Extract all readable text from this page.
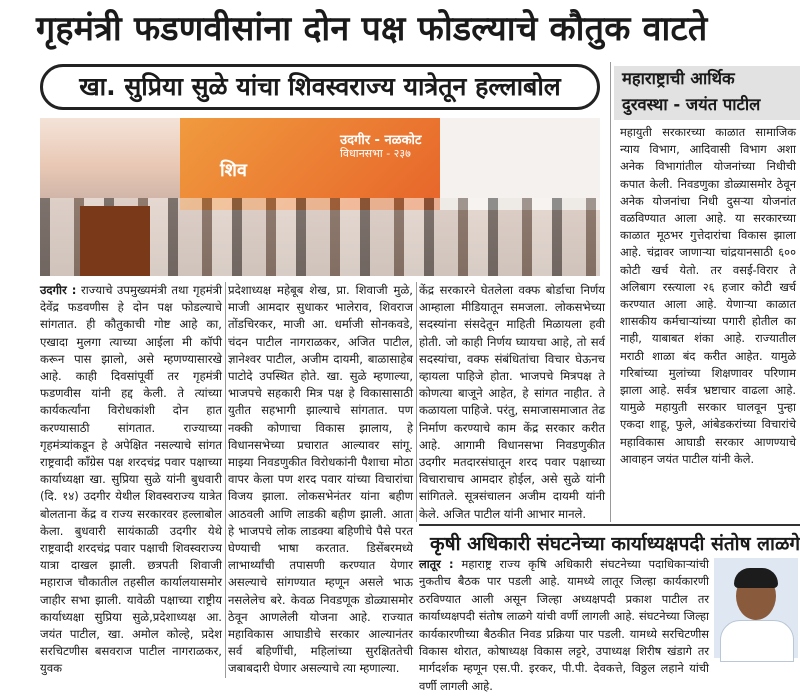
गृहमंत्री फडणवीसांना दोन पक्ष फोडल्याचे कौतुक वाटते
खा. सुप्रिया सुळे यांचा शिवस्वराज्य यात्रेतून हल्लाबोल
शिव
उदगीर - नळकोट
विधानसभा - २३७
उदगीर : राज्याचे उपमुख्यमंत्री तथा गृहमंत्री देवेंद्र फडवणीस हे दोन पक्ष फोडल्याचे सांगतात. ही कौतुकाची गोष्ट आहे का, एखादा मुलगा त्याच्या आईला मी कॉपी करून पास झालो, असे म्हणण्यासारखे आहे. काही दिवसांपूर्वी तर गृहमंत्री फडणवीस यांनी हद्द केली. ते त्यांच्या कार्यकर्त्यांना विरोधकांशी दोन हात करण्यासाठी सांगतात. राज्याच्या गृहमंत्र्यांकडून हे अपेक्षित नसल्याचे सांगत राष्ट्रवादी काँग्रेस पक्ष शरदचंद्र पवार पक्षाच्या कार्याध्यक्षा खा. सुप्रिया सुळे यांनी बुधवारी (दि. १४) उदगीर येथील शिवस्वराज्य यात्रेत बोलताना केंद्र व राज्य सरकारवर हल्लाबोल केला. बुधवारी सायंकाळी उदगीर येथे राष्ट्रवादी शरदचंद्र पवार पक्षाची शिवस्वराज्य यात्रा दाखल झाली. छत्रपती शिवाजी महाराज चौकातील तहसील कार्यालयासमोर जाहीर सभा झाली. यावेळी पक्षाच्या राष्ट्रीय कार्याध्यक्षा सुप्रिया सुळे,प्रदेशाध्यक्ष आ. जयंत पाटील, खा. अमोल कोल्हे, प्रदेश सरचिटणीस बसवराज पाटील नागराळकर, युवक
प्रदेशाध्यक्ष महेबूब शेख, प्रा. शिवाजी मुळे, माजी आमदार सुधाकर भालेराव, शिवराज तोंडचिरकर, माजी आ. धर्माजी सोनकवडे, चंदन पाटील नागराळकर, अजित पाटील, ज्ञानेश्वर पाटील, अजीम दायमी, बाळासाहेब पाटोदे उपस्थित होते. खा. सुळे म्हणाल्या, भाजपचे सहकारी मित्र पक्ष हे विकासासाठी युतीत सहभागी झाल्याचे सांगतात. पण नक्की कोणाचा विकास झालाय, हे विधानसभेच्या प्रचारात आल्यावर सांगू. माझ्या निवडणुकीत विरोधकांनी पैशाचा मोठा वापर केला पण शरद पवार यांच्या विचारांचा विजय झाला. लोकसभेनंतर यांना बहीण आठवली आणि लाडकी बहीण झाली. आता हे भाजपचे लोक लाडक्या बहिणीचे पैसे परत घेण्याची भाषा करतात. डिसेंबरमध्ये लाभार्थ्यांची तपासणी करण्यात येणार असल्याचे सांगण्यात म्हणून असले भाऊ नसलेलेच बरे. केवळ निवडणूक डोळ्यासमोर ठेवून आणलेली योजना आहे. राज्यात महाविकास आघाडीचे सरकार आल्यानंतर सर्व बहिणींची, महिलांच्या सुरक्षिततेची जबाबदारी घेणार असल्याचे त्या म्हणाल्या.
केंद्र सरकारने घेतलेला वक्फ बोर्डाचा निर्णय आम्हाला मीडियातून समजला. लोकसभेच्या सदस्यांना संसदेतून माहिती मिळायला हवी होती. जो काही निर्णय घ्यायचा आहे, तो सर्व सदस्यांचा, वक्फ संबंधितांचा विचार घेऊनच व्हायला पाहिजे होता. भाजपचे मित्रपक्ष ते कोणत्या बाजूने आहेत, हे सांगत नाहीत. ते कळायला पाहिजे. परंतु, समाजासमाजात तेढ निर्माण करण्याचे काम केंद्र सरकार करीत आहे. आगामी विधानसभा निवडणुकीत उदगीर मतदारसंघातून शरद पवार पक्षाच्या विचाराचाच आमदार होईल, असे सुळे यांनी सांगितले. सूत्रसंचालन अजीम दायमी यांनी केले. अजित पाटील यांनी आभार मानले.
महाराष्ट्राची आर्थिक
दुरवस्था - जयंत पाटील
महायुती सरकारच्या काळात सामाजिक न्याय विभाग, आदिवासी विभाग अशा अनेक विभागांतील योजनांच्या निधीची कपात केली. निवडणुका डोळ्यासमोर ठेवून अनेक योजनांचा निधी दुसऱ्या योजनांत वळविण्यात आला आहे. या सरकारच्या काळात मूठभर गुत्तेदारांचा विकास झाला आहे. चंद्रावर जाणाऱ्या चांद्रयानसाठी ६०० कोटी खर्च येतो. तर वसई-विरार ते अलिबाग रस्त्याला २६ हजार कोटी खर्च करण्यात आला आहे. येणाऱ्या काळात शासकीय कर्मचाऱ्यांच्या पगारी होतील का नाही, याबाबत शंका आहे. राज्यातील मराठी शाळा बंद करीत आहेत. यामुळे गरिबांच्या मुलांच्या शिक्षणावर परिणाम झाला आहे. सर्वत्र भ्रष्टाचार वाढला आहे. यामुळे महायुती सरकार घालवून पुन्हा एकदा शाहू, फुले, आंबेडकरांच्या विचारांचे महाविकास आघाडी सरकार आणण्याचे आवाहन जयंत पाटील यांनी केले.
कृषी अधिकारी संघटनेच्या कार्याध्यक्षपदी संतोष लाळगे
लातूर : महाराष्ट्र राज्य कृषि अधिकारी संघटनेच्या पदाधिकाऱ्यांची नुकतीच बैठक पार पडली आहे. यामध्ये लातूर जिल्हा कार्यकारणी ठरविण्यात आली असून जिल्हा अध्यक्षपदी प्रकाश पाटील तर कार्याध्यक्षपदी संतोष लाळगे यांची वर्णी लागली आहे. संघटनेच्या जिल्हा कार्यकारणीच्या बैठकीत निवड प्रक्रिया पार पडली. यामध्ये सरचिटणीस विकास थोरात, कोषाध्यक्ष विकास लट्टरे, उपाध्यक्ष शिरीष खंडागे तर मार्गदर्शक म्हणून एस.पी. इरकर, पी.पी. देवकत्ते, विठ्ठल लहाने यांची वर्णी लागली आहे.
